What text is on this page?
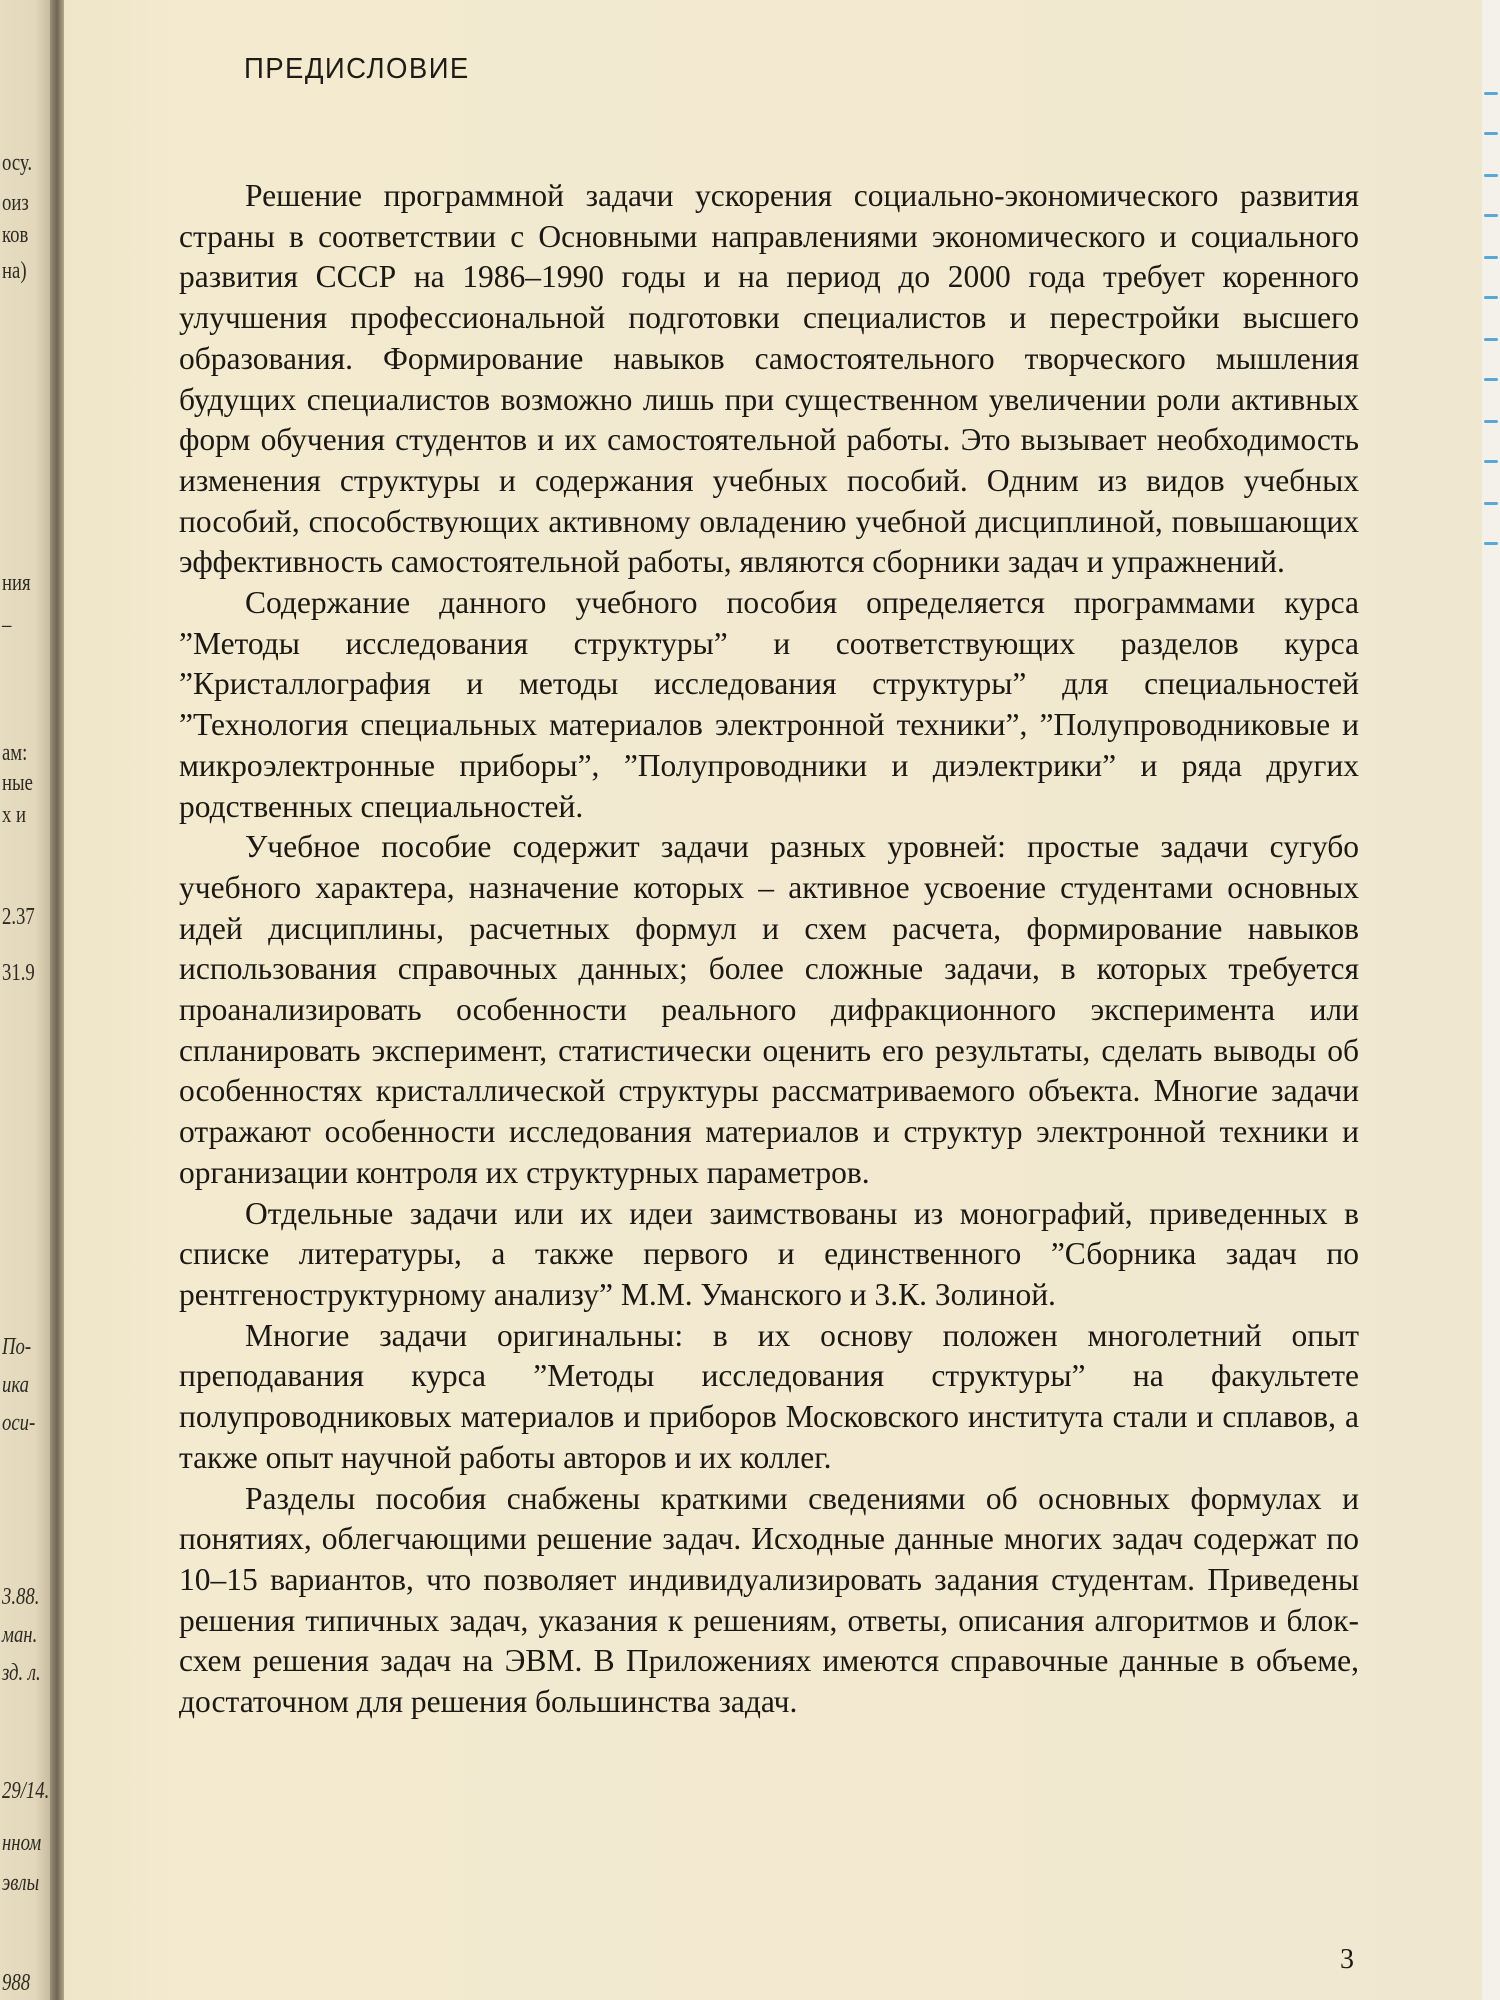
осу.
оиз
ков
на)
ния
–
ам:
ные
х и
2.37
31.9
По-
ика
оси-
3.88.
ман.
зд. л.
29/14.
нном
эвлы
988
ПРЕДИСЛОВИЕ

Решение программной задачи ускорения социально-экономического развития страны в соответствии с Основными направлениями экономического и социального развития СССР на 1986–1990 годы и на период до 2000 года требует коренного улучшения профессиональной подготовки специалистов и перестройки высшего образования. Формирование навыков самостоятельного творческого мышления будущих специалистов возможно лишь при существенном увеличении роли активных форм обучения студентов и их самостоятельной работы. Это вызывает необходимость изменения структуры и содержания учебных пособий. Одним из видов учебных пособий, способствующих активному овладению учебной дисциплиной, повышающих эффективность самостоятельной работы, являются сборники задач и упражнений.

Содержание данного учебного пособия определяется программами курса ”Методы исследования структуры” и соответствующих разделов курса ”Кристаллография и методы исследования структуры” для специальностей ”Технология специальных материалов электронной техники”, ”Полупроводниковые и микроэлектронные приборы”, ”Полупроводники и диэлектрики” и ряда других родственных специальностей.

Учебное пособие содержит задачи разных уровней: простые задачи сугубо учебного характера, назначение которых – активное усвоение студентами основных идей дисциплины, расчетных формул и схем расчета, формирование навыков использования справочных данных; более сложные задачи, в которых требуется проанализировать особенности реального дифракционного эксперимента или спланировать эксперимент, статистически оценить его результаты, сделать выводы об особенностях кристаллической структуры рассматриваемого объекта. Многие задачи отражают особенности исследования материалов и структур электронной техники и организации контроля их структурных параметров.

Отдельные задачи или их идеи заимствованы из монографий, приведенных в списке литературы, а также первого и единственного ”Сборника задач по рентгеноструктурному анализу” М.М. Уманского и З.К. Золиной.

Многие задачи оригинальны: в их основу положен многолетний опыт преподавания курса ”Методы исследования структуры” на факультете полупроводниковых материалов и приборов Московского института стали и сплавов, а также опыт научной работы авторов и их коллег.

Разделы пособия снабжены краткими сведениями об основных формулах и понятиях, облегчающими решение задач. Исходные данные многих задач содержат по 10–15 вариантов, что позволяет индивидуализировать задания студентам. Приведены решения типичных задач, указания к решениям, ответы, описания алгоритмов и блок-схем решения задач на ЭВМ. В Приложениях имеются справочные данные в объеме, достаточном для решения большинства задач.

3
